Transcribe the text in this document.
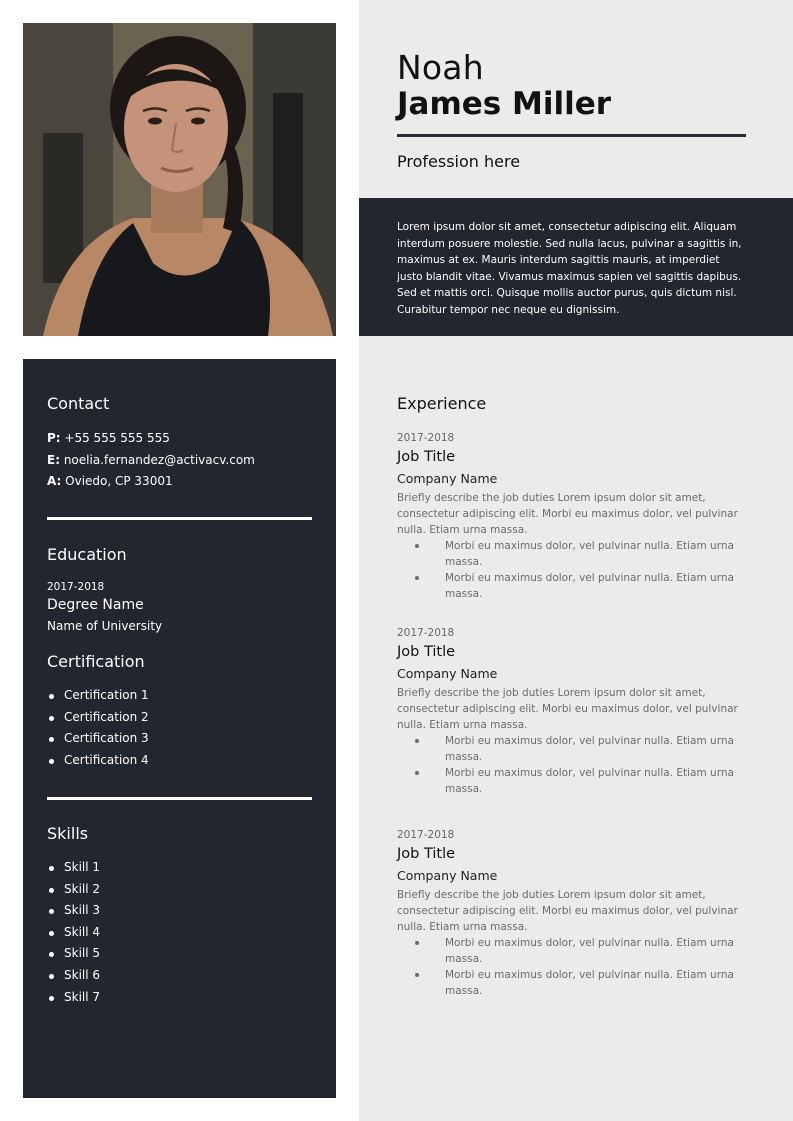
Noah
James Miller
Profession here
Lorem ipsum dolor sit amet, consectetur adipiscing elit. Aliquam interdum posuere molestie. Sed nulla lacus, pulvinar a sagittis in, maximus at ex. Mauris interdum sagittis mauris, at imperdiet justo blandit vitae. Vivamus maximus sapien vel sagittis dapibus. Sed et mattis orci. Quisque mollis auctor purus, quis dictum nisl. Curabitur tempor nec neque eu dignissim.
Contact
P: +55 555 555 555
E: noelia.fernandez@activacv.com
A: Oviedo, CP 33001
Education
2017-2018
Degree Name
Name of University
Certification
Certification 1
Certification 2
Certification 3
Certification 4
Skills
Skill 1
Skill 2
Skill 3
Skill 4
Skill 5
Skill 6
Skill 7
Experience
2017-2018
Job Title
Company Name
Briefly describe the job duties Lorem ipsum dolor sit amet, consectetur adipiscing elit. Morbi eu maximus dolor, vel pulvinar nulla. Etiam urna massa.
Morbi eu maximus dolor, vel pulvinar nulla. Etiam urna massa.
Morbi eu maximus dolor, vel pulvinar nulla. Etiam urna massa.
2017-2018
Job Title
Company Name
Briefly describe the job duties Lorem ipsum dolor sit amet, consectetur adipiscing elit. Morbi eu maximus dolor, vel pulvinar nulla. Etiam urna massa.
Morbi eu maximus dolor, vel pulvinar nulla. Etiam urna massa.
Morbi eu maximus dolor, vel pulvinar nulla. Etiam urna massa.
2017-2018
Job Title
Company Name
Briefly describe the job duties Lorem ipsum dolor sit amet, consectetur adipiscing elit. Morbi eu maximus dolor, vel pulvinar nulla. Etiam urna massa.
Morbi eu maximus dolor, vel pulvinar nulla. Etiam urna massa.
Morbi eu maximus dolor, vel pulvinar nulla. Etiam urna massa.
